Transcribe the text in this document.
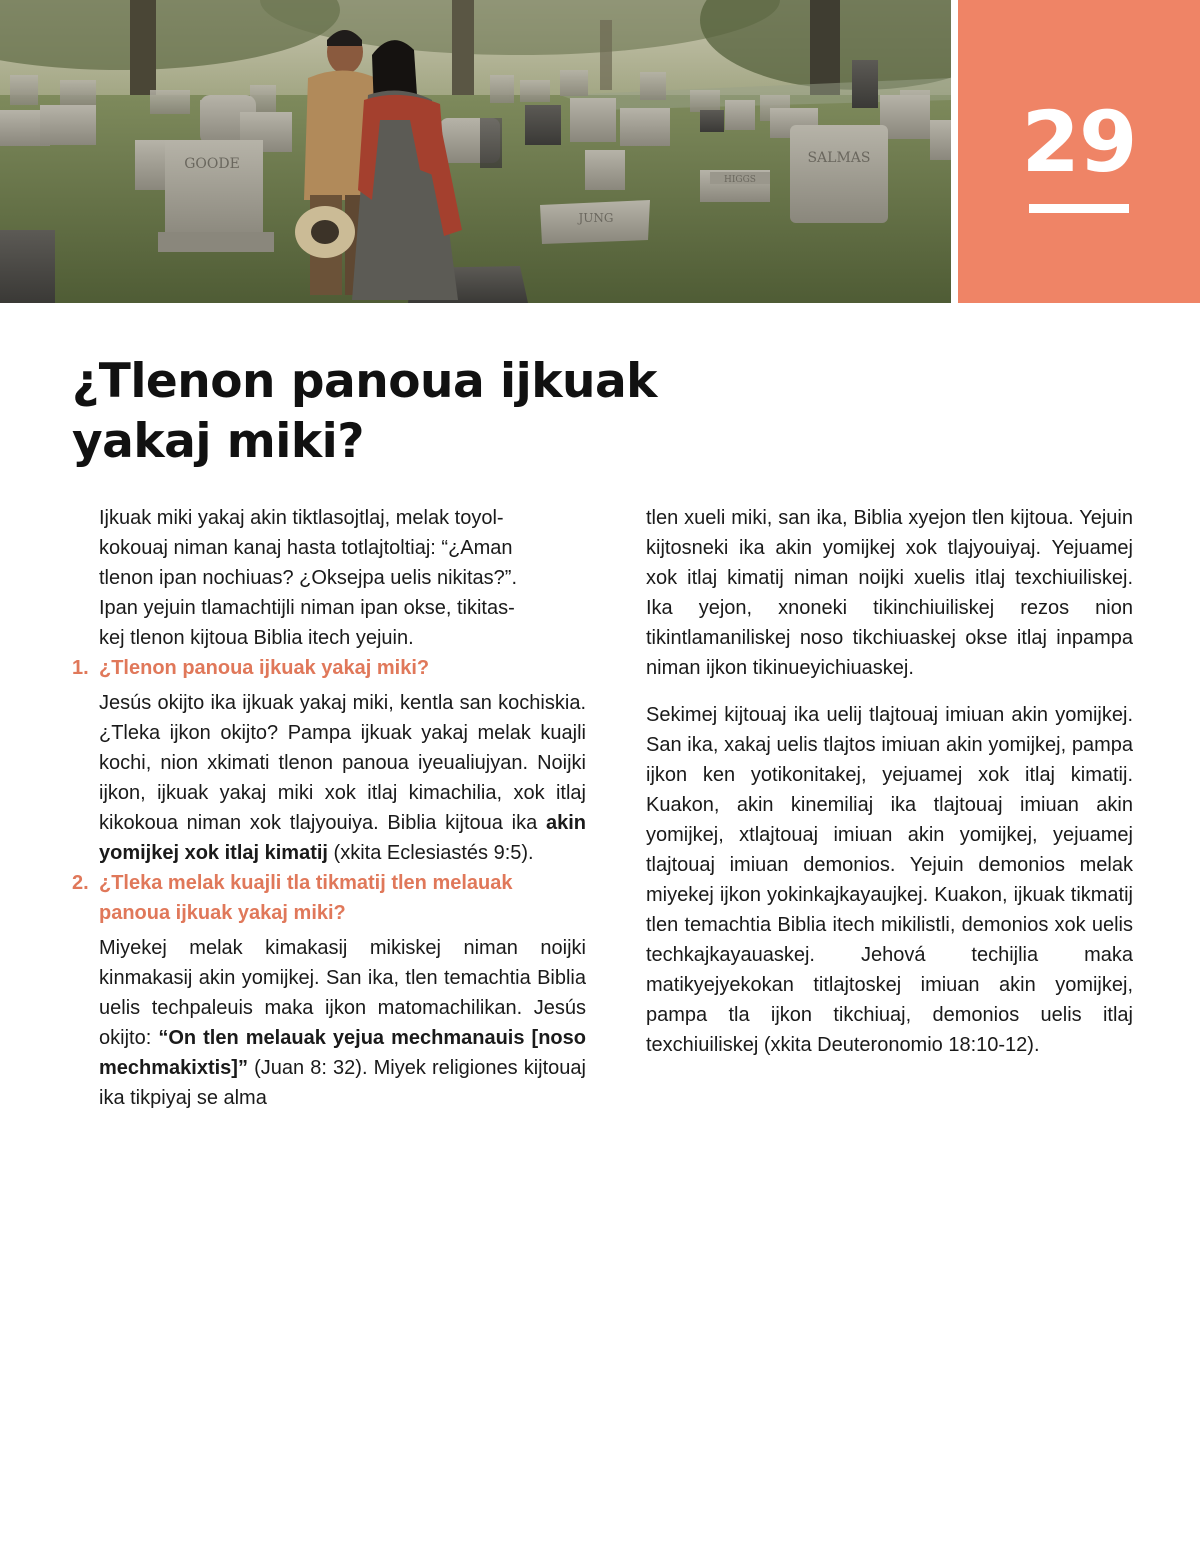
GOODE	SALMAS
JUNG
HIGGS	29
¿Tlenon panoua ijkuak yakaj miki?

Ijkuak miki yakaj akin tiktlasojtlaj, melak toyol-
kokouaj niman kanaj hasta totlajtoltiaj: “¿Aman
tlenon ipan nochiuas? ¿Oksejpa uelis nikitas?”.
Ipan yejuin tlamachtijli niman ipan okse, tikitas-
kej tlenon kijtoua Biblia itech yejuin.

1. ¿Tlenon panoua ijkuak yakaj miki?

Jesús okijto ika ijkuak yakaj miki, kentla san kochiskia. ¿Tleka ijkon okijto? Pampa ijkuak yakaj melak kuajli kochi, nion xkimati tlenon panoua iyeualiujyan. Noijki ijkon, ijkuak yakaj miki xok itlaj kimachilia, xok itlaj kikokoua niman xok tlajyouiya. Biblia kijtoua ika akin yomijkej xok itlaj kimatij (xkita Eclesiastés 9:5).

2. ¿Tleka melak kuajli tla tikmatij tlen melauak
panoua ijkuak yakaj miki?

Miyekej melak kimakasij mikiskej niman noijki kinmakasij akin yomijkej. San ika, tlen temachtia Biblia uelis techpaleuis maka ijkon matomachilikan. Jesús okijto: “On tlen melauak yejua mechmanauis [noso mechmakixtis]” (Juan 8: 32). Miyek religiones kijtouaj ika tikpiyaj se alma

tlen xueli miki, san ika, Biblia xyejon tlen kijtoua. Yejuin kijtosneki ika akin yomijkej xok tlajyouiyaj. Yejuamej xok itlaj kimatij niman noijki xuelis itlaj texchiuiliskej. Ika yejon, xnoneki tikinchiuiliskej rezos nion tikintlamaniliskej noso tikchiuaskej okse itlaj inpampa niman ijkon tikinueyichiuaskej.

Sekimej kijtouaj ika uelij tlajtouaj imiuan akin yomijkej. San ika, xakaj uelis tlajtos imiuan akin yomijkej, pampa ijkon ken yotikonitakej, yejuamej xok itlaj kimatij. Kuakon, akin kinemiliaj ika tlajtouaj imiuan akin yomijkej, xtlajtouaj imiuan akin yomijkej, yejuamej tlajtouaj imiuan demonios. Yejuin demonios melak miyekej ijkon yokinkajkayaujkej. Kuakon, ijkuak tikmatij tlen temachtia Biblia itech mikilistli, demonios xok uelis techkajkayauaskej. Jehová techijlia maka matikyejyekokan titlajtoskej imiuan akin yomijkej, pampa tla ijkon tikchiuaj, demonios uelis itlaj texchiuiliskej (xkita Deuteronomio 18:10-12).
